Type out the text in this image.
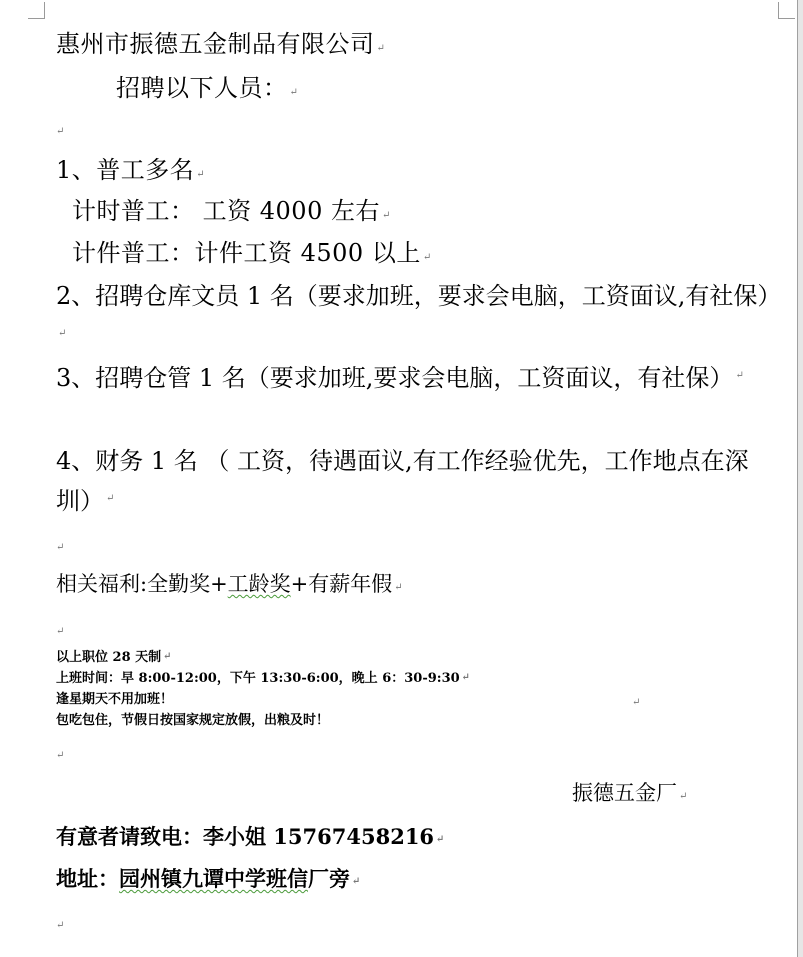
惠州市振德五金制品有限公司 ↵
招聘以下人员： ↵
↵
1、普工多名 ↵
计时普工： 工资 4000 左右 ↵
计件普工：计件工资 4500 以上 ↵
2、招聘仓库文员 1 名（要求加班，要求会电脑，工资面议,有社保）↵
3、招聘仓管 1 名（要求加班,要求会电脑，工资面议，有社保） ↵
4、财务 1 名 （ 工资，待遇面议,有工作经验优先，工作地点在深圳） ↵
↵
相关福利:全勤奖+工龄奖+有薪年假 ↵
↵
以上职位 28 天制 ↵
上班时间：早 8:00-12:00，下午 13:30-6:00，晚上 6：30-9:30 ↵
逢星期天不用加班！	↵
包吃包住，节假日按国家规定放假，出粮及时！
↵
振德五金厂 ↵
有意者请致电：李小姐 15767458216 ↵
地址：园州镇九谭中学班信厂旁 ↵
↵
